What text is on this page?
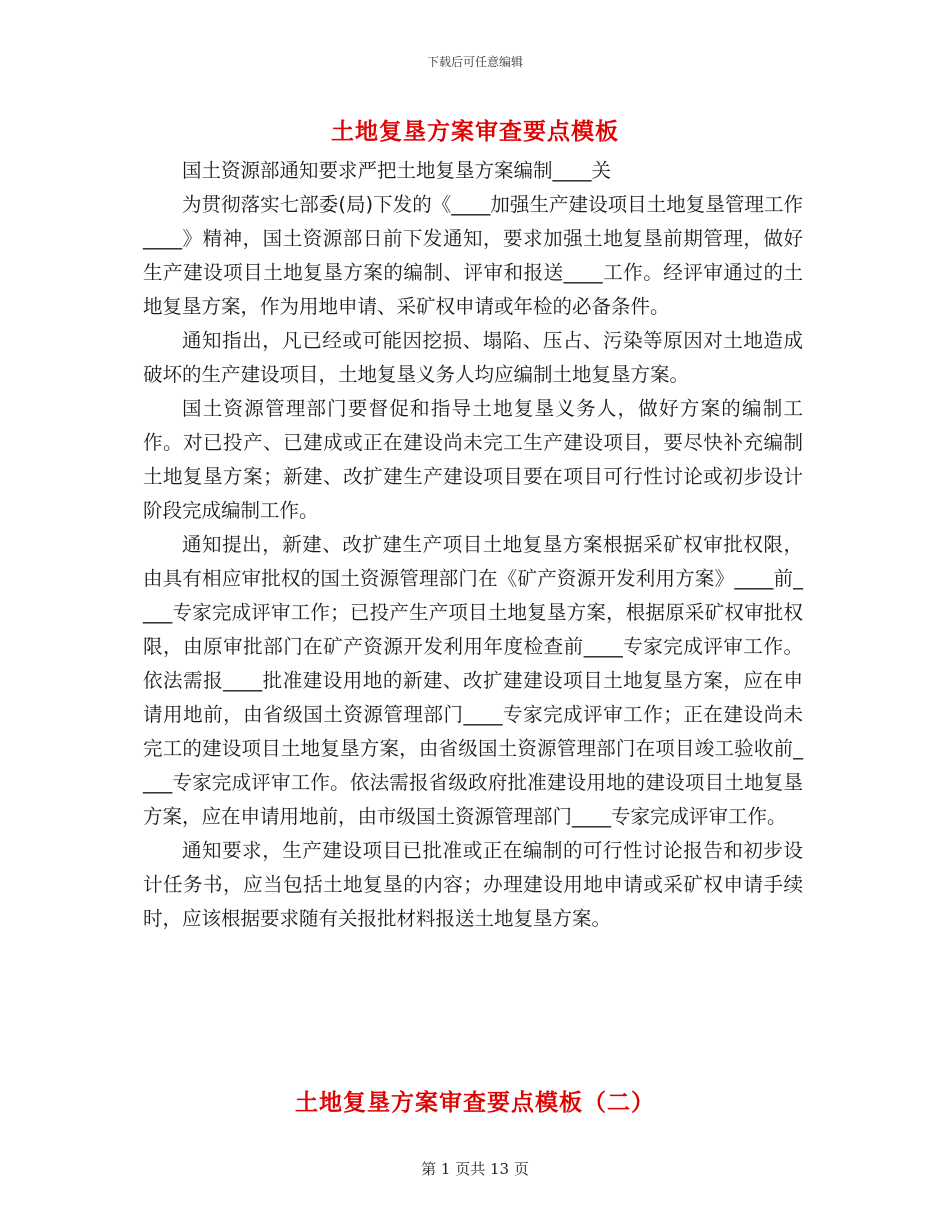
下载后可任意编辑
土地复垦方案审查要点模板

国土资源部通知要求严把土地复垦方案编制____关

为贯彻落实七部委(局)下发的《____加强生产建设项目土地复垦管理工作____》精神，国土资源部日前下发通知，要求加强土地复垦前期管理，做好生产建设项目土地复垦方案的编制、评审和报送____工作。经评审通过的土地复垦方案，作为用地申请、采矿权申请或年检的必备条件。

通知指出，凡已经或可能因挖损、塌陷、压占、污染等原因对土地造成破坏的生产建设项目，土地复垦义务人均应编制土地复垦方案。

国土资源管理部门要督促和指导土地复垦义务人，做好方案的编制工作。对已投产、已建成或正在建设尚未完工生产建设项目，要尽快补充编制土地复垦方案；新建、改扩建生产建设项目要在项目可行性讨论或初步设计阶段完成编制工作。

通知提出，新建、改扩建生产项目土地复垦方案根据采矿权审批权限，由具有相应审批权的国土资源管理部门在《矿产资源开发利用方案》____前____专家完成评审工作；已投产生产项目土地复垦方案，根据原采矿权审批权限，由原审批部门在矿产资源开发利用年度检查前____专家完成评审工作。依法需报____批准建设用地的新建、改扩建建设项目土地复垦方案，应在申请用地前，由省级国土资源管理部门____专家完成评审工作；正在建设尚未完工的建设项目土地复垦方案，由省级国土资源管理部门在项目竣工验收前____专家完成评审工作。依法需报省级政府批准建设用地的建设项目土地复垦方案，应在申请用地前，由市级国土资源管理部门____专家完成评审工作。

通知要求，生产建设项目已批准或正在编制的可行性讨论报告和初步设计任务书，应当包括土地复垦的内容；办理建设用地申请或采矿权申请手续时，应该根据要求随有关报批材料报送土地复垦方案。

土地复垦方案审查要点模板（二）
第 1 页共 13 页
